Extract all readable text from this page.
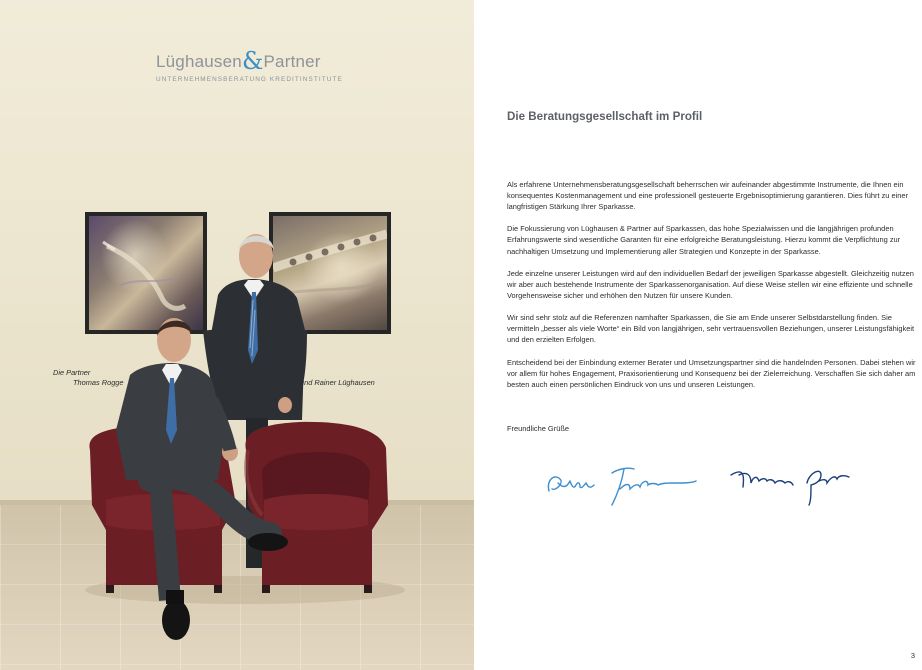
Lüghausen&Partner
UNTERNEHMENSBERATUNG KREDITINSTITUTE
Die Partner
Thomas Rogge	und Rainer Lüghausen
Die Beratungsgesellschaft im Profil

Als erfahrene Unternehmensberatungsgesellschaft beherrschen wir aufeinander abgestimmte Instrumente, die Ihnen ein konsequentes Kostenmanagement und eine professionell gesteuerte Ergebnisoptimierung garantieren. Dies führt zu einer langfristigen Stärkung Ihrer Sparkasse.

Die Fokussierung von Lüghausen & Partner auf Sparkassen, das hohe Spezialwissen und die langjährigen profunden Erfahrungswerte sind wesentliche Garanten für eine erfolgreiche Beratungsleistung. Hierzu kommt die Verpflichtung zur nachhaltigen Umsetzung und Implementierung aller Strategien und Konzepte in der Sparkasse.

Jede einzelne unserer Leistungen wird auf den individuellen Bedarf der jeweiligen Sparkasse abgestellt. Gleichzeitig nutzen wir aber auch bestehende Instrumente der Sparkassenorganisation. Auf diese Weise stellen wir eine effiziente und schnelle Vorgehensweise sicher und erhöhen den Nutzen für unsere Kunden.

Wir sind sehr stolz auf die Referenzen namhafter Sparkassen, die Sie am Ende unserer Selbstdarstellung finden. Sie vermitteln „besser als viele Worte“ ein Bild von langjährigen, sehr vertrauensvollen Beziehungen, unserer Leistungsfähigkeit und den erzielten Erfolgen.

Entscheidend bei der Einbindung externer Berater und Umsetzungspartner sind die handelnden Personen. Dabei stehen wir vor allem für hohes Engagement, Praxisorientierung und Konsequenz bei der Zielerreichung. Verschaffen Sie sich daher am besten auch einen persönlichen Eindruck von uns und unseren Leistungen.

Freundliche Grüße
3
